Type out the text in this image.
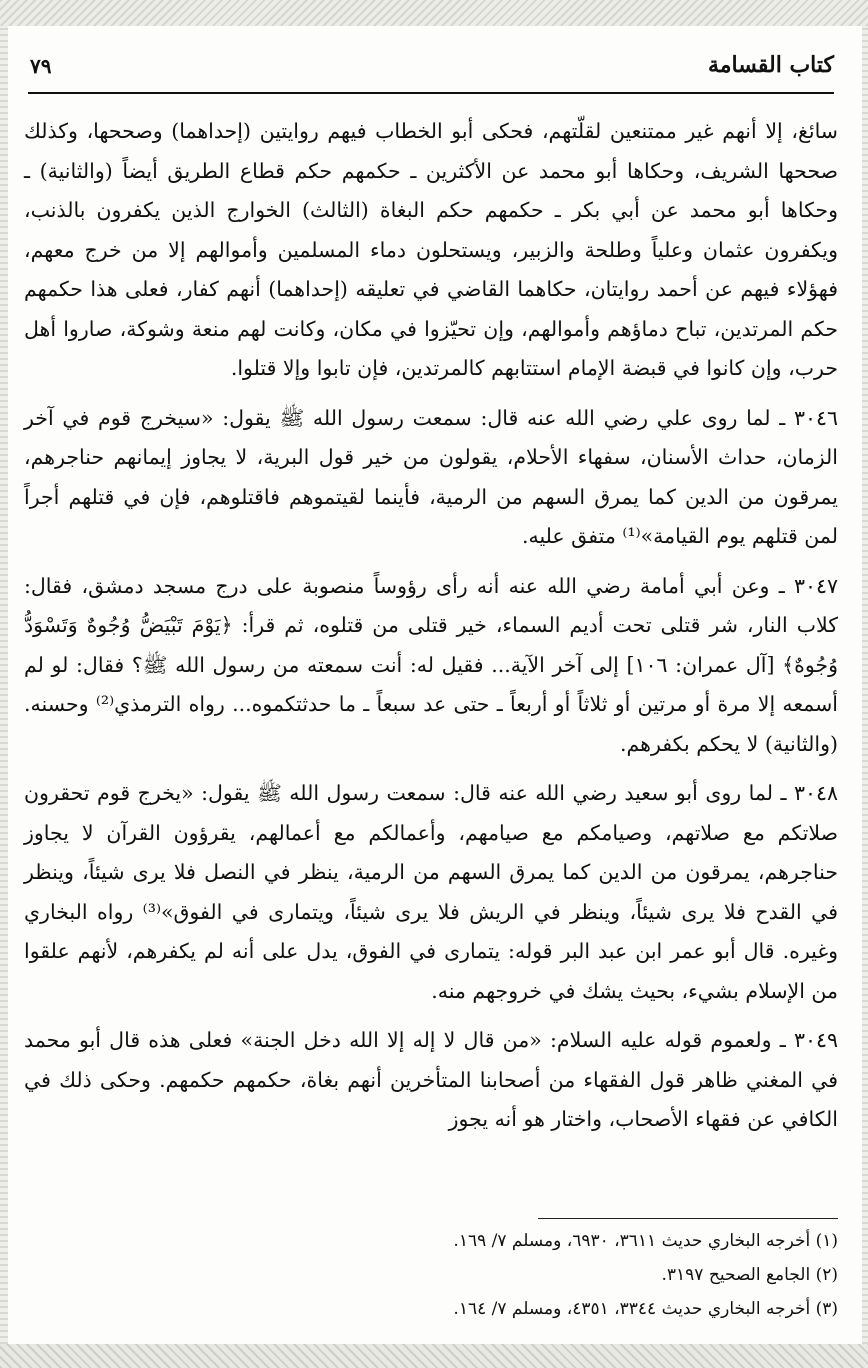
كتاب القسامة
٧٩

سائغ، إلا أنهم غير ممتنعين لقلّتهم، فحكى أبو الخطاب فيهم روايتين (إحداهما) وصححها، وكذلك صححها الشريف، وحكاها أبو محمد عن الأكثرين ـ حكمهم حكم قطاع الطريق أيضاً (والثانية) ـ وحكاها أبو محمد عن أبي بكر ـ حكمهم حكم البغاة (الثالث) الخوارج الذين يكفرون بالذنب، ويكفرون عثمان وعلياً وطلحة والزبير، ويستحلون دماء المسلمين وأموالهم إلا من خرج معهم، فهؤلاء فيهم عن أحمد روايتان، حكاهما القاضي في تعليقه (إحداهما) أنهم كفار، فعلى هذا حكمهم حكم المرتدين، تباح دماؤهم وأموالهم، وإن تحيّزوا في مكان، وكانت لهم منعة وشوكة، صاروا أهل حرب، وإن كانوا في قبضة الإمام استتابهم كالمرتدين، فإن تابوا وإلا قتلوا.

٣٠٤٦ ـ لما روى علي رضي الله عنه قال: سمعت رسول الله ﷺ يقول: «سيخرج قوم في آخر الزمان، حداث الأسنان، سفهاء الأحلام، يقولون من خير قول البرية، لا يجاوز إيمانهم حناجرهم، يمرقون من الدين كما يمرق السهم من الرمية، فأينما لقيتموهم فاقتلوهم، فإن في قتلهم أجراً لمن قتلهم يوم القيامة»⁽¹⁾ متفق عليه.

٣٠٤٧ ـ وعن أبي أمامة رضي الله عنه أنه رأى رؤوساً منصوبة على درج مسجد دمشق، فقال: كلاب النار، شر قتلى تحت أديم السماء، خير قتلى من قتلوه، ثم قرأ: ﴿يَوْمَ تَبْيَضُّ وُجُوهٌ وَتَسْوَدُّ وُجُوهٌ﴾ [آل عمران: ١٠٦] إلى آخر الآية... فقيل له: أنت سمعته من رسول الله ﷺ؟ فقال: لو لم أسمعه إلا مرة أو مرتين أو ثلاثاً أو أربعاً ـ حتى عد سبعاً ـ ما حدثتكموه... رواه الترمذي⁽²⁾ وحسنه. (والثانية) لا يحكم بكفرهم.

٣٠٤٨ ـ لما روى أبو سعيد رضي الله عنه قال: سمعت رسول الله ﷺ يقول: «يخرج قوم تحقرون صلاتكم مع صلاتهم، وصيامكم مع صيامهم، وأعمالكم مع أعمالهم، يقرؤون القرآن لا يجاوز حناجرهم، يمرقون من الدين كما يمرق السهم من الرمية، ينظر في النصل فلا يرى شيئاً، وينظر في القدح فلا يرى شيئاً، وينظر في الريش فلا يرى شيئاً، ويتمارى في الفوق»⁽³⁾ رواه البخاري وغيره. قال أبو عمر ابن عبد البر قوله: يتمارى في الفوق، يدل على أنه لم يكفرهم، لأنهم علقوا من الإسلام بشيء، بحيث يشك في خروجهم منه.

٣٠٤٩ ـ ولعموم قوله عليه السلام: «من قال لا إله إلا الله دخل الجنة» فعلى هذه قال أبو محمد في المغني ظاهر قول الفقهاء من أصحابنا المتأخرين أنهم بغاة، حكمهم حكمهم. وحكى ذلك في الكافي عن فقهاء الأصحاب، واختار هو أنه يجوز

(١) أخرجه البخاري حديث ٣٦١١، ٦٩٣٠، ومسلم ٧/ ١٦٩.
(٢) الجامع الصحيح ٣١٩٧.
(٣) أخرجه البخاري حديث ٣٣٤٤، ٤٣٥١، ومسلم ٧/ ١٦٤.
